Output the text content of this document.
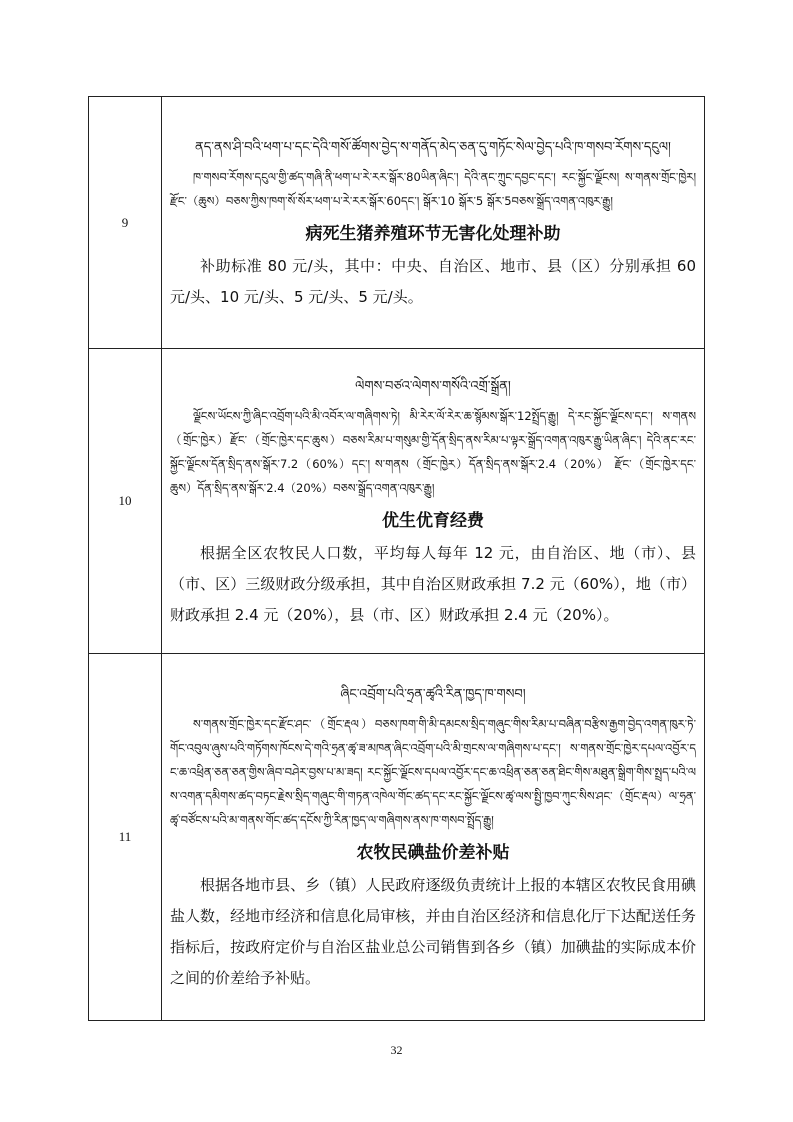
9	ནད་ནས་ཤི་བའི་ཕག་པ་དང་དེའི་གསོ་ཚོགས་བྱེད་ས་གནོད་མེད་ཅན་དུ་གཏོང་སེལ་བྱེད་པའི་ཁ་གསབ་རོགས་དངུལ།

ཁ་གསབ་རོགས་དངུལ་གྱི་ཚད་གཞི་ནི་ཕག་པ་རེ་རར་སྒོར་80ཡིན་ཞིང་། དེའི་ནང་ཀྲུང་དབྱང་དང་། རང་སྐྱོང་ལྗོངས། ས་གནས་གྲོང་ཁྱེར། རྫོང་（ཆུས）བཅས་ཀྱིས་ཁག་སོ་སོར་ཕག་པ་རེ་རར་སྒོར་60དང་། སྒོར་10 སྒོར་5 སྒོར་5བཅས་སྒྲོད་འགན་འཁུར་རྒྱུ།

病死生猪养殖环节无害化处理补助

补助标准 80 元/头，其中：中央、自治区、地市、县（区）分别承担 60 元/头、10 元/头、5 元/头、5 元/头。

10	ལེགས་བཙའ་ལེགས་གསོའི་འགྲོ་སྒྲོན།

ལྗོངས་ཡོངས་ཀྱི་ཞིང་འབྲོག་པའི་མི་འབོར་ལ་གཞིགས་ཏེ། མི་རེར་ལོ་རེར་ཆ་སྙོམས་སྒོར་12སྤྲོད་རྒྱུ། དེ་རང་སྐྱོང་ལྗོངས་དང་། ས་གནས（གྲོང་ཁྱེར）རྫོང་（གྲོང་ཁྱེར་དང་ཆུས）བཅས་རིམ་པ་གསུམ་གྱི་དོན་སྲིད་ནས་རིམ་པ་ལྟར་སྒྲོད་འགན་འཁུར་རྒྱུ་ཡིན་ཞིང་། དེའི་ནང་རང་སྐྱོང་ལྗོངས་དོན་སྲིད་ནས་སྒོར་7.2（60%）དང་། ས་གནས（གྲོང་ཁྱེར）དོན་སྲིད་ནས་སྒོར་2.4（20%） རྫོང་（གྲོང་ཁྱེར་དང་ཆུས）དོན་སྲིད་ནས་སྒོར་2.4（20%）བཅས་སྒྲོད་འགན་འཁུར་རྒྱུ།

优生优育经费

根据全区农牧民人口数，平均每人每年 12 元，由自治区、地（市）、县（市、区）三级财政分级承担，其中自治区财政承担 7.2 元（60%），地（市）财政承担 2.4 元（20%），县（市、区）财政承担 2.4 元（20%）。

11	ཞིང་འབྲོག་པའི་ཧྲན་ཚྭའི་རིན་ཁྱད་ཁ་གསབ།

ས་གནས་གྲོང་ཁྱེར་དང་རྫོང་ཤང་（གྲོང་རྡལ）བཅས་ཁག་གི་མི་དམངས་སྲིད་གཞུང་གིས་རིམ་པ་བཞིན་བརྩིས་རྒྱག་བྱེད་འགན་ཁུར་ཏེ་གོང་འབུལ་ཞུས་པའི་གཏོགས་ཁོངས་དེ་གའི་ཧྲན་ཚྭ་ཟ་མཁན་ཞིང་འབྲོག་པའི་མི་གྲངས་ལ་གཞིགས་པ་དང་། ས་གནས་གྲོང་ཁྱེར་དཔལ་འབྱོར་དང་ཆ་འཕྲིན་ཅན་ཅན་གྱིས་ཞིབ་བཤེར་བྱས་པ་མ་ཟད། རང་སྐྱོང་ལྗོངས་དཔལ་འབྱོར་དང་ཆ་འཕྲིན་ཅན་ཅན་ཐིང་གིས་མཐུན་སྒྲིག་གིས་སྤྲད་པའི་ལས་འགན་དམིགས་ཚད་བཏང་རྗེས་སྲིད་གཞུང་གི་གཏན་འཁེལ་གོང་ཚད་དང་རང་སྐྱོང་ལྗོངས་ཚྭ་ལས་སྤྱི་ཁྱབ་ཀུང་སིས་ཤང་（གྲོང་རྡལ）ལ་ཧྲན་ཚྭ་བཙོངས་པའི་མ་གནས་གོང་ཚད་དངོས་ཀྱི་རིན་ཁྱད་ལ་གཞིགས་ནས་ཁ་གསབ་སྤྲོད་རྒྱུ།

农牧民碘盐价差补贴

根据各地市县、乡（镇）人民政府逐级负责统计上报的本辖区农牧民食用碘盐人数，经地市经济和信息化局审核，并由自治区经济和信息化厅下达配送任务指标后，按政府定价与自治区盐业总公司销售到各乡（镇）加碘盐的实际成本价之间的价差给予补贴。

32
